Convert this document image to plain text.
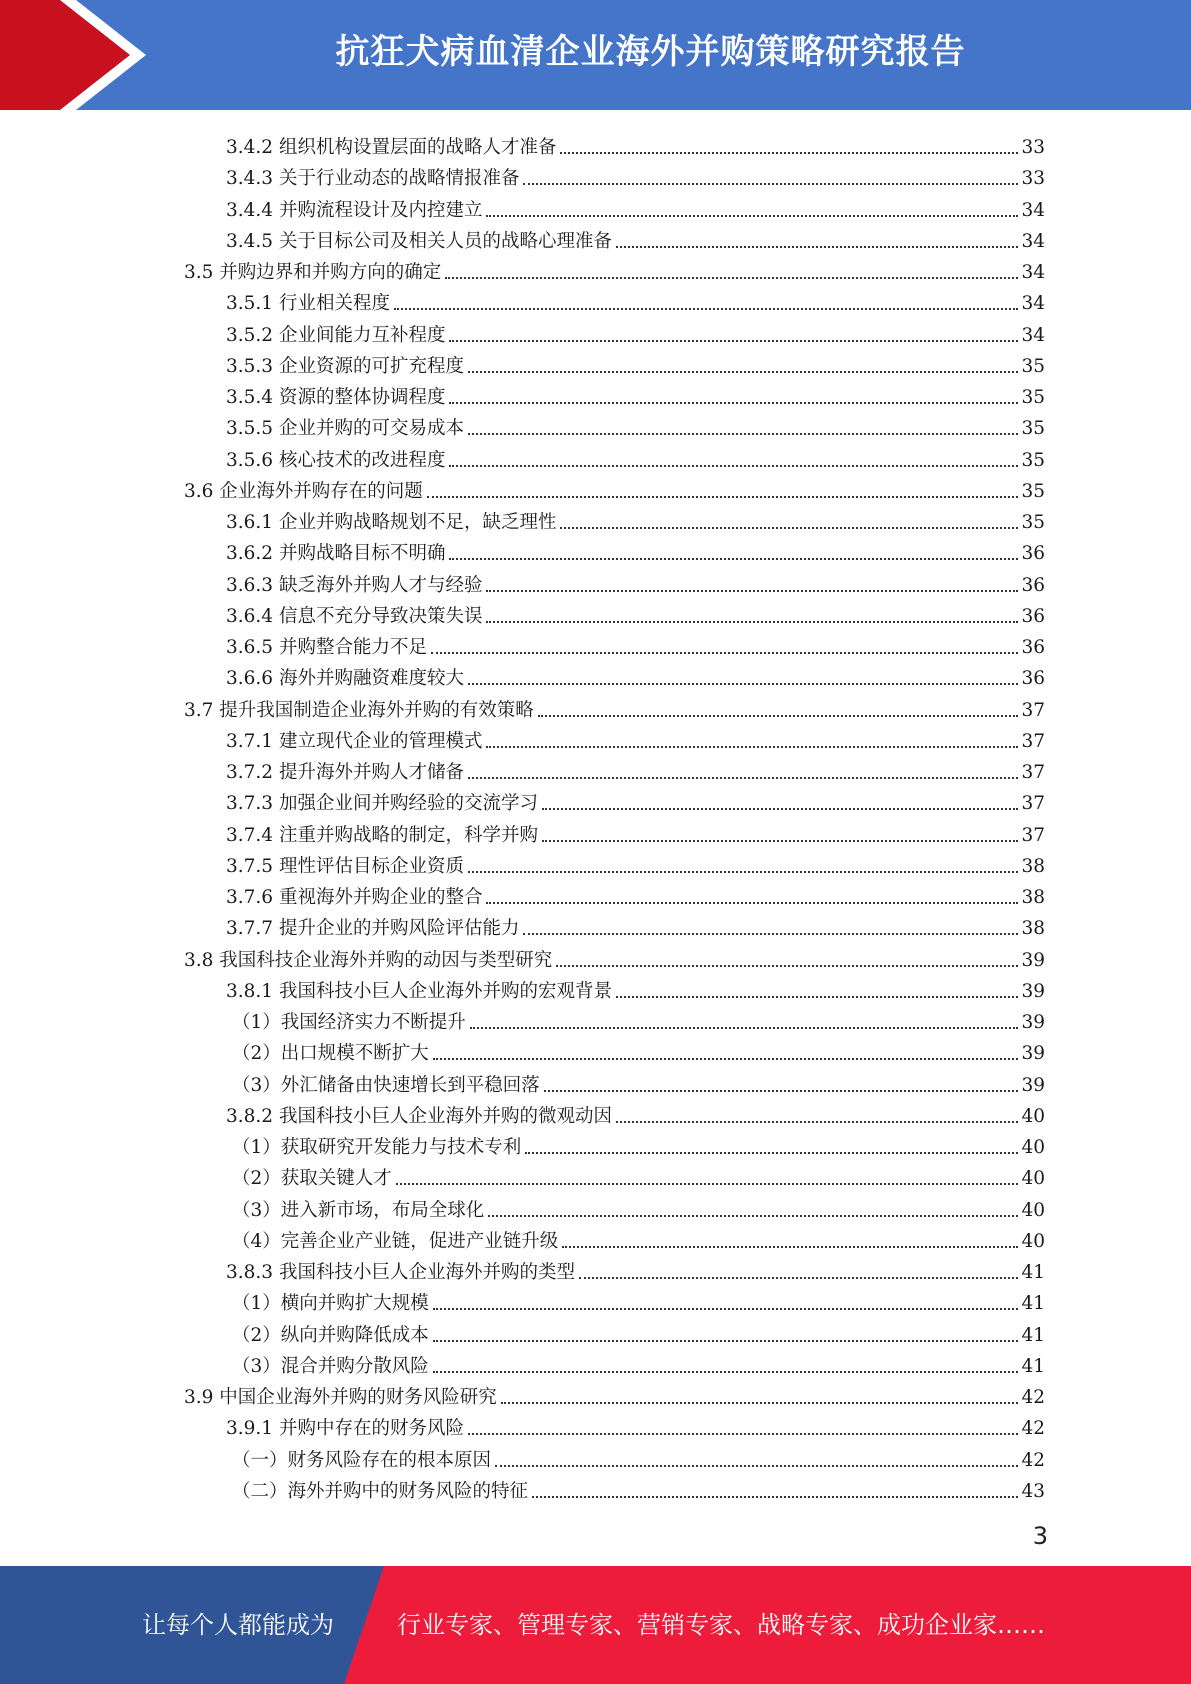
抗狂犬病血清企业海外并购策略研究报告
3.4.2 组织机构设置层面的战略人才准备	33
3.4.3 关于行业动态的战略情报准备	33
3.4.4 并购流程设计及内控建立	34
3.4.5 关于目标公司及相关人员的战略心理准备	34
3.5 并购边界和并购方向的确定	34
3.5.1 行业相关程度	34
3.5.2 企业间能力互补程度	34
3.5.3 企业资源的可扩充程度	35
3.5.4 资源的整体协调程度	35
3.5.5 企业并购的可交易成本	35
3.5.6 核心技术的改进程度	35
3.6 企业海外并购存在的问题	35
3.6.1 企业并购战略规划不足，缺乏理性	35
3.6.2 并购战略目标不明确	36
3.6.3 缺乏海外并购人才与经验	36
3.6.4 信息不充分导致决策失误	36
3.6.5 并购整合能力不足	36
3.6.6 海外并购融资难度较大	36
3.7 提升我国制造企业海外并购的有效策略	37
3.7.1 建立现代企业的管理模式	37
3.7.2 提升海外并购人才储备	37
3.7.3 加强企业间并购经验的交流学习	37
3.7.4 注重并购战略的制定，科学并购	37
3.7.5 理性评估目标企业资质	38
3.7.6 重视海外并购企业的整合	38
3.7.7 提升企业的并购风险评估能力	38
3.8 我国科技企业海外并购的动因与类型研究	39
3.8.1 我国科技小巨人企业海外并购的宏观背景	39
（1）我国经济实力不断提升	39
（2）出口规模不断扩大	39
（3）外汇储备由快速增长到平稳回落	39
3.8.2 我国科技小巨人企业海外并购的微观动因	40
（1）获取研究开发能力与技术专利	40
（2）获取关键人才	40
（3）进入新市场，布局全球化	40
（4）完善企业产业链，促进产业链升级	40
3.8.3 我国科技小巨人企业海外并购的类型	41
（1）横向并购扩大规模	41
（2）纵向并购降低成本	41
（3）混合并购分散风险	41
3.9 中国企业海外并购的财务风险研究	42
3.9.1 并购中存在的财务风险	42
（一）财务风险存在的根本原因	42
（二）海外并购中的财务风险的特征	43
3
让每个人都能成为	行业专家、管理专家、营销专家、战略专家、成功企业家……
